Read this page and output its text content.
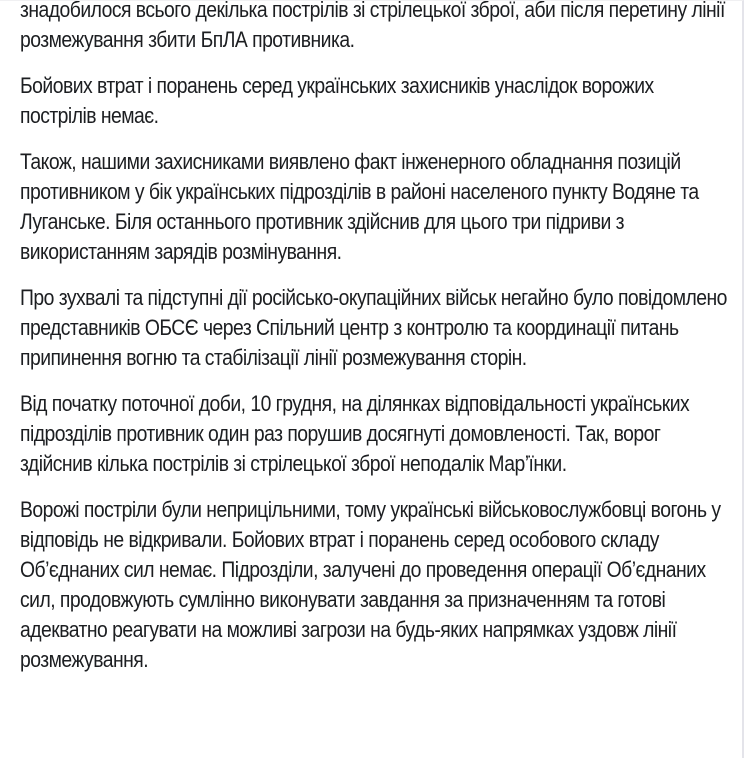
знадобилося всього декілька пострілів зі стрілецької зброї, аби після перетину лінії розмежування збити БпЛА противника.

Бойових втрат і поранень серед українських захисників унаслідок ворожих пострілів немає.

Також, нашими захисниками виявлено факт інженерного обладнання позицій противником у бік українських підрозділів в районі населеного пункту Водяне та Луганське. Біля останнього противник здійснив для цього три підриви з використанням зарядів розмінування.

Про зухвалі та підступні дії російсько-окупаційних військ негайно було повідомлено представників ОБСЄ через Спільний центр з контролю та координації питань припинення вогню та стабілізації лінії розмежування сторін.

Від початку поточної доби, 10 грудня, на ділянках відповідальності українських підрозділів противник один раз порушив досягнуті домовленості. Так, ворог здійснив кілька пострілів зі стрілецької зброї неподалік Мар’їнки.

Ворожі постріли були неприцільними, тому українські військовослужбовці вогонь у відповідь не відкривали. Бойових втрат і поранень серед особового складу Об’єднаних сил немає. Підрозділи, залучені до проведення операції Об’єднаних сил, продовжують сумлінно виконувати завдання за призначенням та готові адекватно реагувати на можливі загрози на будь-яких напрямках уздовж лінії розмежування.
